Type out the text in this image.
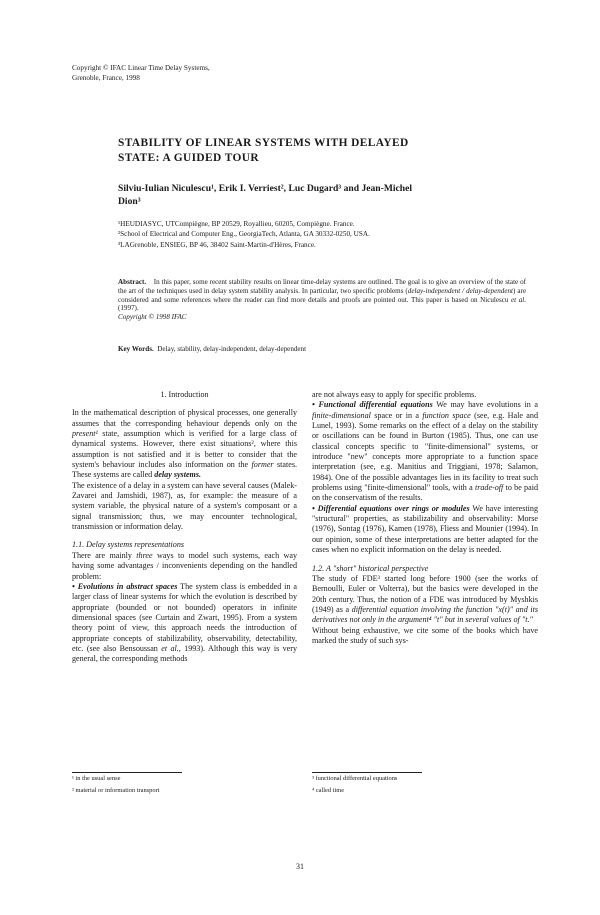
Copyright © IFAC Linear Time Delay Systems,
Grenoble, France, 1998
STABILITY OF LINEAR SYSTEMS WITH DELAYED
STATE: A GUIDED TOUR
Silviu-Iulian Niculescu¹, Erik I. Verriest², Luc Dugard³ and Jean-Michel
Dion³
¹HEUDIASYC, UTCompiègne, BP 20529, Royallieu, 60205, Compiègne. France.
²School of Electrical and Computer Eng., GeorgiaTech, Atlanta, GA 30332-0250, USA.
³LAGrenoble, ENSIEG, BP 46, 38402 Saint-Martin-d'Hères, France.

Abstract. In this paper, some recent stability results on linear time-delay systems are outlined. The goal is to give an overview of the state of the art of the techniques used in delay system stability analysis. In particular, two specific problems (delay-independent / delay-dependent) are considered and some references where the reader can find more details and proofs are pointed out. This paper is based on Niculescu et al. (1997).

Copyright © 1998 IFAC

Key Words. Delay, stability, delay-independent, delay-dependent
1. Introduction

In the mathematical description of physical processes, one generally assumes that the corresponding behaviour depends only on the present¹ state, assumption which is verified for a large class of dynamical systems. However, there exist situations², where this assumption is not satisfied and it is better to consider that the system's behaviour includes also information on the former states. These systems are called delay systems.

The existence of a delay in a system can have several causes (Malek-Zavarei and Jamshidi, 1987), as, for example: the measure of a system variable, the physical nature of a system's composant or a signal transmission; thus, we may encounter technological, transmission or information delay.

1.1. Delay systems representations

There are mainly three ways to model such systems, each way having some advantages / inconvenients depending on the handled problem:

• Evolutions in abstract spaces The system class is embedded in a larger class of linear systems for which the evolution is described by appropriate (bounded or not bounded) operators in infinite dimensional spaces (see Curtain and Zwart, 1995). From a system theory point of view, this approach needs the introduction of appropriate concepts of stabilizability, observability, detectability, etc. (see also Bensoussan et al., 1993). Although this way is very general, the corresponding methods

are not always easy to apply for specific problems.

• Functional differential equations We may have evolutions in a finite-dimensional space or in a function space (see, e.g. Hale and Lunel, 1993). Some remarks on the effect of a delay on the stability or oscillations can be found in Burton (1985). Thus, one can use classical concepts specific to "finite-dimensional" systems, or introduce "new" concepts more appropriate to a function space interpretation (see, e.g. Manitius and Triggiani, 1978; Salamon, 1984). One of the possible advantages lies in its facility to treat such problems using "finite-dimensional" tools, with a trade-off to be paid on the conservatism of the results.

• Differential equations over rings or modules We have interesting "structural" properties, as stabilizability and observability: Morse (1976), Sontag (1976), Kamen (1978), Fliess and Mounier (1994). In our opinion, some of these interpretations are better adapted for the cases when no explicit information on the delay is needed.

1.2. A "short" historical perspective

The study of FDE³ started long before 1900 (see the works of Bernoulli, Euler or Volterra), but the basics were developed in the 20th century. Thus, the notion of a FDE was introduced by Myshkis (1949) as a differential equation involving the function "x(t)" and its derivatives not only in the argument⁴ "t" but in several values of "t."

Without being exhaustive, we cite some of the books which have marked the study of such sys-

¹ in the usual sense
² material or information transport
³ functional differential equations
⁴ called time
31
